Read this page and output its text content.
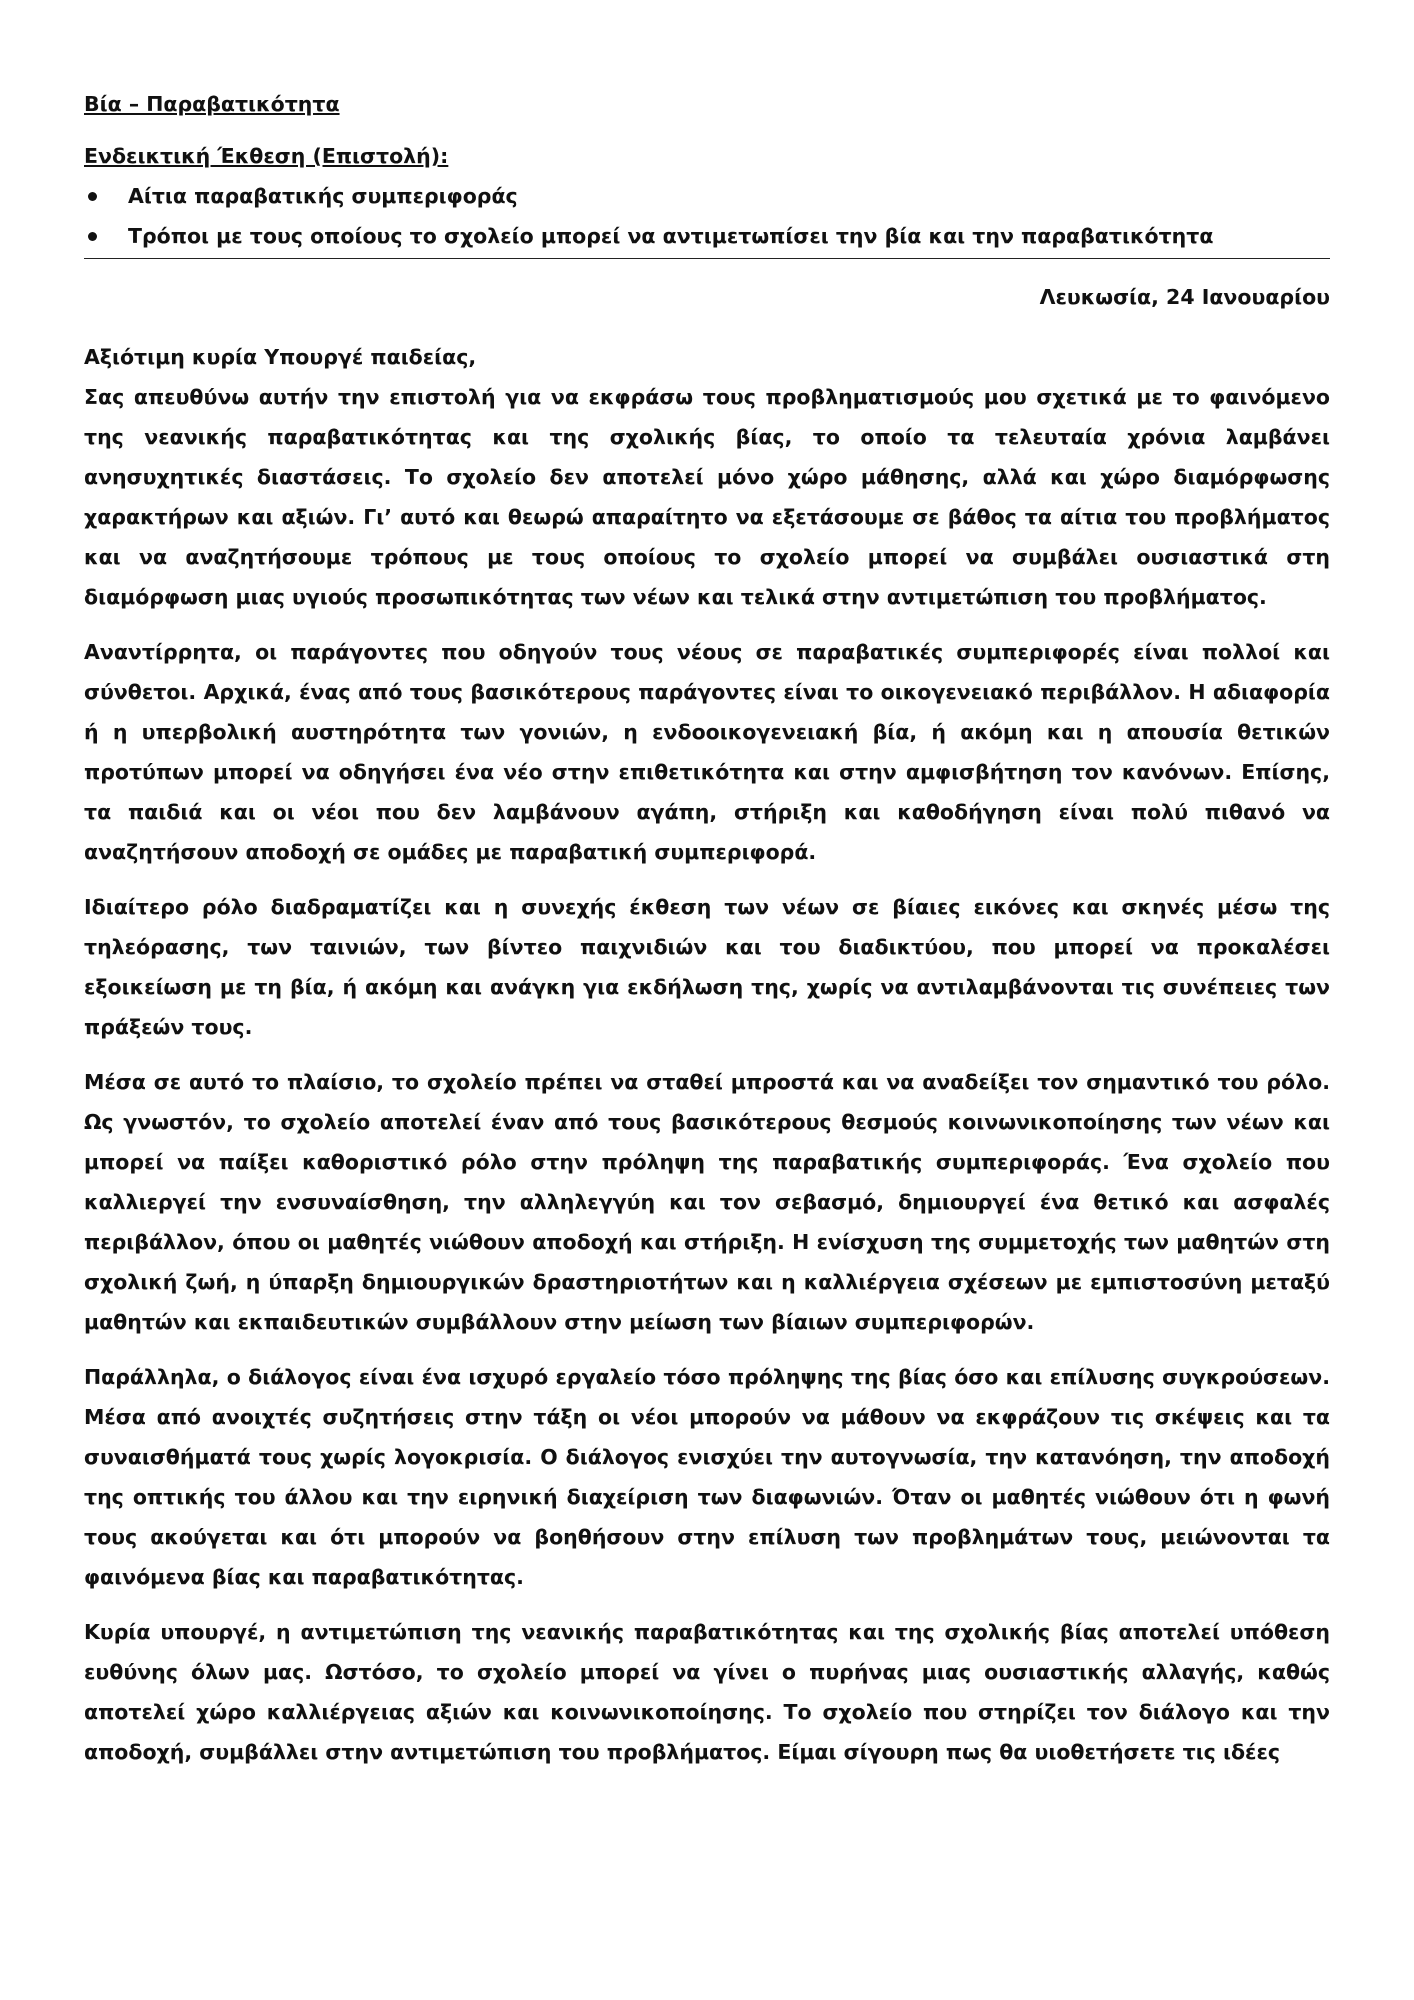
Βία – Παραβατικότητα
Ενδεικτική Έκθεση (Επιστολή):
Αίτια παραβατικής συμπεριφοράς
Τρόποι με τους οποίους το σχολείο μπορεί να αντιμετωπίσει την βία και την παραβατικότητα
Λευκωσία, 24 Ιανουαρίου
Αξιότιμη κυρία Υπουργέ παιδείας,

Σας απευθύνω αυτήν την επιστολή για να εκφράσω τους προβληματισμούς μου σχετικά με το φαινόμενο της νεανικής παραβατικότητας και της σχολικής βίας, το οποίο τα τελευταία χρόνια λαμβάνει ανησυχητικές διαστάσεις. Το σχολείο δεν αποτελεί μόνο χώρο μάθησης, αλλά και χώρο διαμόρφωσης χαρακτήρων και αξιών. Γι’ αυτό και θεωρώ απαραίτητο να εξετάσουμε σε βάθος τα αίτια του προβλήματος και να αναζητήσουμε τρόπους με τους οποίους το σχολείο μπορεί να συμβάλει ουσιαστικά στη διαμόρφωση μιας υγιούς προσωπικότητας των νέων και τελικά στην αντιμετώπιση του προβλήματος.

Αναντίρρητα, οι παράγοντες που οδηγούν τους νέους σε παραβατικές συμπεριφορές είναι πολλοί και σύνθετοι. Αρχικά, ένας από τους βασικότερους παράγοντες είναι το οικογενειακό περιβάλλον. Η αδιαφορία ή η υπερβολική αυστηρότητα των γονιών, η ενδοοικογενειακή βία, ή ακόμη και η απουσία θετικών προτύπων μπορεί να οδηγήσει ένα νέο στην επιθετικότητα και στην αμφισβήτηση τον κανόνων. Επίσης, τα παιδιά και οι νέοι που δεν λαμβάνουν αγάπη, στήριξη και καθοδήγηση είναι πολύ πιθανό να αναζητήσουν αποδοχή σε ομάδες με παραβατική συμπεριφορά.

Ιδιαίτερο ρόλο διαδραματίζει και η συνεχής έκθεση των νέων σε βίαιες εικόνες και σκηνές μέσω της τηλεόρασης, των ταινιών, των βίντεο παιχνιδιών και του διαδικτύου, που μπορεί να προκαλέσει εξοικείωση με τη βία, ή ακόμη και ανάγκη για εκδήλωση της, χωρίς να αντιλαμβάνονται τις συνέπειες των πράξεών τους.

Μέσα σε αυτό το πλαίσιο, το σχολείο πρέπει να σταθεί μπροστά και να αναδείξει τον σημαντικό του ρόλο. Ως γνωστόν, το σχολείο αποτελεί έναν από τους βασικότερους θεσμούς κοινωνικοποίησης των νέων και μπορεί να παίξει καθοριστικό ρόλο στην πρόληψη της παραβατικής συμπεριφοράς. Ένα σχολείο που καλλιεργεί την ενσυναίσθηση, την αλληλεγγύη και τον σεβασμό, δημιουργεί ένα θετικό και ασφαλές περιβάλλον, όπου οι μαθητές νιώθουν αποδοχή και στήριξη. Η ενίσχυση της συμμετοχής των μαθητών στη σχολική ζωή, η ύπαρξη δημιουργικών δραστηριοτήτων και η καλλιέργεια σχέσεων με εμπιστοσύνη μεταξύ μαθητών και εκπαιδευτικών συμβάλλουν στην μείωση των βίαιων συμπεριφορών.

Παράλληλα, ο διάλογος είναι ένα ισχυρό εργαλείο τόσο πρόληψης της βίας όσο και επίλυσης συγκρούσεων. Μέσα από ανοιχτές συζητήσεις στην τάξη οι νέοι μπορούν να μάθουν να εκφράζουν τις σκέψεις και τα συναισθήματά τους χωρίς λογοκρισία. Ο διάλογος ενισχύει την αυτογνωσία, την κατανόηση, την αποδοχή της οπτικής του άλλου και την ειρηνική διαχείριση των διαφωνιών. Όταν οι μαθητές νιώθουν ότι η φωνή τους ακούγεται και ότι μπορούν να βοηθήσουν στην επίλυση των προβλημάτων τους, μειώνονται τα φαινόμενα βίας και παραβατικότητας.

Κυρία υπουργέ, η αντιμετώπιση της νεανικής παραβατικότητας και της σχολικής βίας αποτελεί υπόθεση ευθύνης όλων μας. Ωστόσο, το σχολείο μπορεί να γίνει ο πυρήνας μιας ουσιαστικής αλλαγής, καθώς αποτελεί χώρο καλλιέργειας αξιών και κοινωνικοποίησης. Το σχολείο που στηρίζει τον διάλογο και την αποδοχή, συμβάλλει στην αντιμετώπιση του προβλήματος. Είμαι σίγουρη πως θα υιοθετήσετε τις ιδέες
